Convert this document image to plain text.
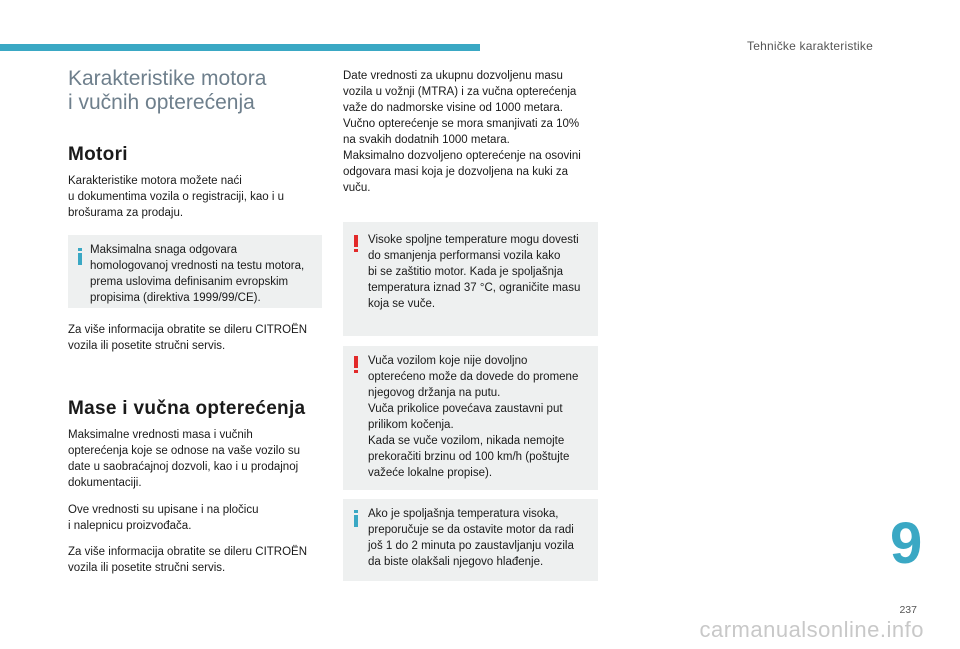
Tehničke karakteristike
Karakteristike motora
i vučnih opterećenja
Motori

Karakteristike motora možete naći
u dokumentima vozila o registraciji, kao i u
brošurama za prodaju.

Maksimalna snaga odgovara
homologovanoj vrednosti na testu motora,
prema uslovima definisanim evropskim
propisima (direktiva 1999/99/CE).

Za više informacija obratite se dileru CITROËN
vozila ili posetite stručni servis.

Mase i vučna opterećenja

Maksimalne vrednosti masa i vučnih
opterećenja koje se odnose na vaše vozilo su
date u saobraćajnoj dozvoli, kao i u prodajnoj
dokumentaciji.

Ove vrednosti su upisane i na pločicu
i nalepnicu proizvođača.

Za više informacija obratite se dileru CITROËN
vozila ili posetite stručni servis.

Date vrednosti za ukupnu dozvoljenu masu
vozila u vožnji (MTRA) i za vučna opterećenja
važe do nadmorske visine od 1000 metara.
Vučno opterećenje se mora smanjivati za 10%
na svakih dodatnih 1000 metara.
Maksimalno dozvoljeno opterećenje na osovini
odgovara masi koja je dozvoljena na kuki za
vuču.

Visoke spoljne temperature mogu dovesti
do smanjenja performansi vozila kako
bi se zaštitio motor. Kada je spoljašnja
temperatura iznad 37 °C, ograničite masu
koja se vuče.
Vuča vozilom koje nije dovoljno
opterećeno može da dovede do promene
njegovog držanja na putu.
Vuča prikolice povećava zaustavni put
prilikom kočenja.
Kada se vuče vozilom, nikada nemojte
prekoračiti brzinu od 100 km/h (poštujte
važeće lokalne propise).
Ako je spoljašnja temperatura visoka,
preporučuje se da ostavite motor da radi
još 1 do 2 minuta po zaustavljanju vozila
da biste olakšali njegovo hlađenje.	9
237
carmanualsonline.info
